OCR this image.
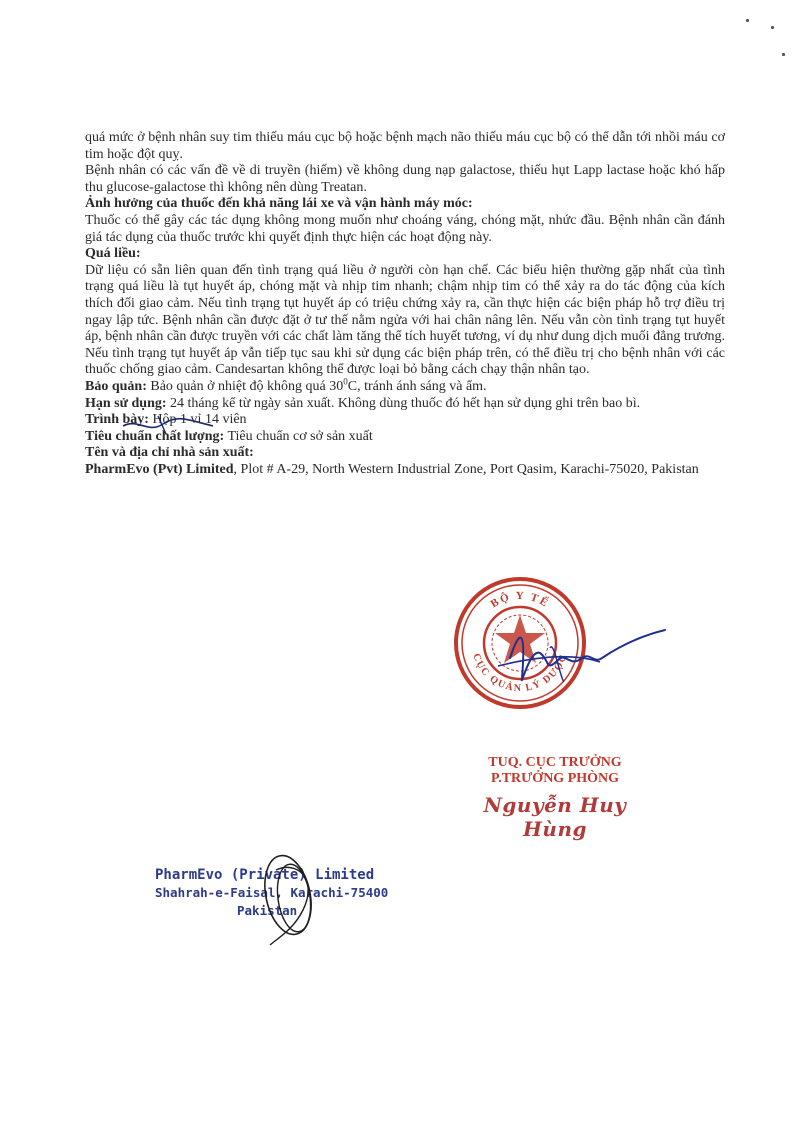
quá mức ở bệnh nhân suy tim thiếu máu cục bộ hoặc bệnh mạch não thiếu máu cục bộ có thể dẫn tới nhồi máu cơ tim hoặc đột quỵ.

Bệnh nhân có các vấn đề về di truyền (hiếm) về không dung nạp galactose, thiếu hụt Lapp lactase hoặc khó hấp thu glucose-galactose thì không nên dùng Treatan.

Ảnh hưởng của thuốc đến khả năng lái xe và vận hành máy móc:

Thuốc có thể gây các tác dụng không mong muốn như choáng váng, chóng mặt, nhức đầu. Bệnh nhân cần đánh giá tác dụng của thuốc trước khi quyết định thực hiện các hoạt động này.

Quá liều:

Dữ liệu có sẵn liên quan đến tình trạng quá liều ở người còn hạn chế. Các biểu hiện thường gặp nhất của tình trạng quá liều là tụt huyết áp, chóng mặt và nhịp tim nhanh; chậm nhịp tim có thể xảy ra do tác động của kích thích đối giao cảm. Nếu tình trạng tụt huyết áp có triệu chứng xảy ra, cần thực hiện các biện pháp hỗ trợ điều trị ngay lập tức. Bệnh nhân cần được đặt ở tư thế nằm ngửa với hai chân nâng lên. Nếu vẫn còn tình trạng tụt huyết áp, bệnh nhân cần được truyền với các chất làm tăng thể tích huyết tương, ví dụ như dung dịch muối đẳng trương. Nếu tình trạng tụt huyết áp vẫn tiếp tục sau khi sử dụng các biện pháp trên, có thể điều trị cho bệnh nhân với các thuốc chống giao cảm. Candesartan không thể được loại bỏ bằng cách chạy thận nhân tạo.

Bảo quản: Bảo quản ở nhiệt độ không quá $30^0C$, tránh ánh sáng và ẩm.

Hạn sử dụng: 24 tháng kể từ ngày sản xuất. Không dùng thuốc đó hết hạn sử dụng ghi trên bao bì.

Trình bày: Hộp 1 vỉ 14 viên

Tiêu chuẩn chất lượng: Tiêu chuẩn cơ sở sản xuất

Tên và địa chỉ nhà sản xuất:

PharmEvo (Pvt) Limited, Plot # A-29, North Western Industrial Zone, Port Qasim, Karachi-75020, Pakistan

BỘ Y TẾ
CỤC QUẢN LÝ DƯỢC
TUQ. CỤC TRƯỞNG
P.TRƯỞNG PHÒNG
Nguyễn Huy Hùng
PharmEvo (Private) Limited
Shahrah-e-Faisal, Karachi-75400
Pakistan
